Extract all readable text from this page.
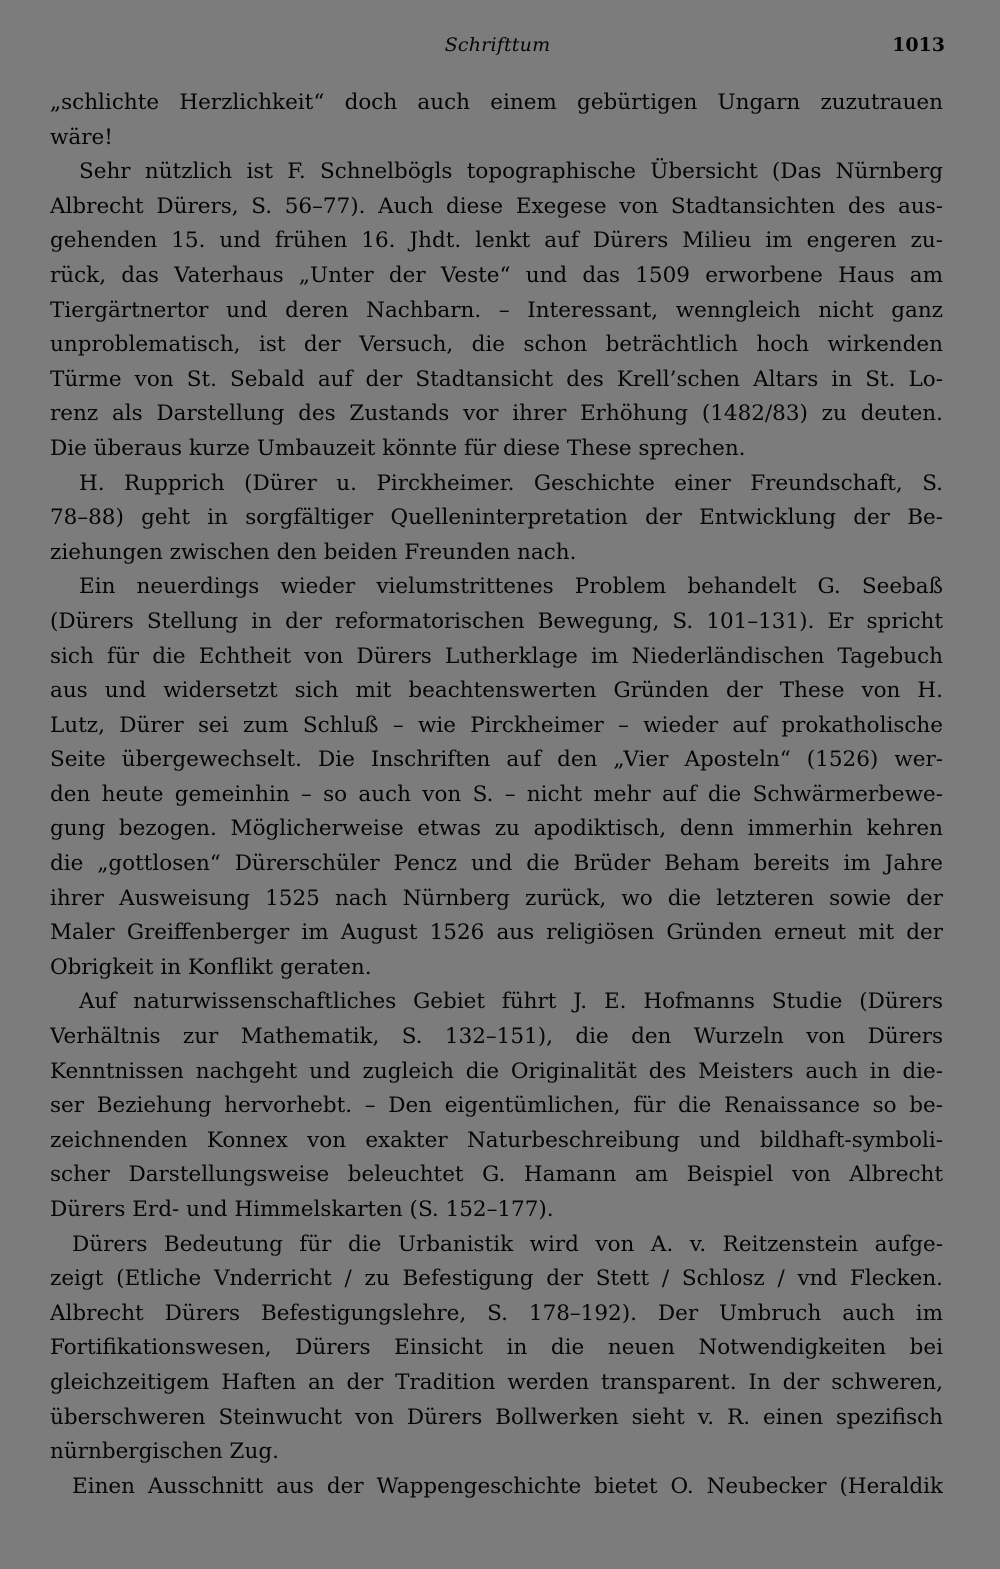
Schrifttum	1013
„schlichte Herzlichkeit“ doch auch einem gebürtigen Ungarn zuzutrauen
wäre!
Sehr nützlich ist F. Schnelbögls topographische Übersicht (Das Nürnberg
Albrecht Dürers, S. 56–77). Auch diese Exegese von Stadtansichten des aus-
gehenden 15. und frühen 16. Jhdt. lenkt auf Dürers Milieu im engeren zu-
rück, das Vaterhaus „Unter der Veste“ und das 1509 erworbene Haus am
Tiergärtnertor und deren Nachbarn. – Interessant, wenngleich nicht ganz
unproblematisch, ist der Versuch, die schon beträchtlich hoch wirkenden
Türme von St. Sebald auf der Stadtansicht des Krell’schen Altars in St. Lo-
renz als Darstellung des Zustands vor ihrer Erhöhung (1482/83) zu deuten.
Die überaus kurze Umbauzeit könnte für diese These sprechen.
H. Rupprich (Dürer u. Pirckheimer. Geschichte einer Freundschaft, S.
78–88) geht in sorgfältiger Quelleninterpretation der Entwicklung der Be-
ziehungen zwischen den beiden Freunden nach.
Ein neuerdings wieder vielumstrittenes Problem behandelt G. Seebaß
(Dürers Stellung in der reformatorischen Bewegung, S. 101–131). Er spricht
sich für die Echtheit von Dürers Lutherklage im Niederländischen Tagebuch
aus und widersetzt sich mit beachtenswerten Gründen der These von H.
Lutz, Dürer sei zum Schluß – wie Pirckheimer – wieder auf prokatholische
Seite übergewechselt. Die Inschriften auf den „Vier Aposteln“ (1526) wer-
den heute gemeinhin – so auch von S. – nicht mehr auf die Schwärmerbewe-
gung bezogen. Möglicherweise etwas zu apodiktisch, denn immerhin kehren
die „gottlosen“ Dürerschüler Pencz und die Brüder Beham bereits im Jahre
ihrer Ausweisung 1525 nach Nürnberg zurück, wo die letzteren sowie der
Maler Greiffenberger im August 1526 aus religiösen Gründen erneut mit der
Obrigkeit in Konflikt geraten.
Auf naturwissenschaftliches Gebiet führt J. E. Hofmanns Studie (Dürers
Verhältnis zur Mathematik, S. 132–151), die den Wurzeln von Dürers
Kenntnissen nachgeht und zugleich die Originalität des Meisters auch in die-
ser Beziehung hervorhebt. – Den eigentümlichen, für die Renaissance so be-
zeichnenden Konnex von exakter Naturbeschreibung und bildhaft-symboli-
scher Darstellungsweise beleuchtet G. Hamann am Beispiel von Albrecht
Dürers Erd- und Himmelskarten (S. 152–177).
Dürers Bedeutung für die Urbanistik wird von A. v. Reitzenstein aufge-
zeigt (Etliche Vnderricht / zu Befestigung der Stett / Schlosz / vnd Flecken.
Albrecht Dürers Befestigungslehre, S. 178–192). Der Umbruch auch im
Fortifikationswesen, Dürers Einsicht in die neuen Notwendigkeiten bei
gleichzeitigem Haften an der Tradition werden transparent. In der schweren,
überschweren Steinwucht von Dürers Bollwerken sieht v. R. einen spezifisch
nürnbergischen Zug.
Einen Ausschnitt aus der Wappengeschichte bietet O. Neubecker (Heraldik
